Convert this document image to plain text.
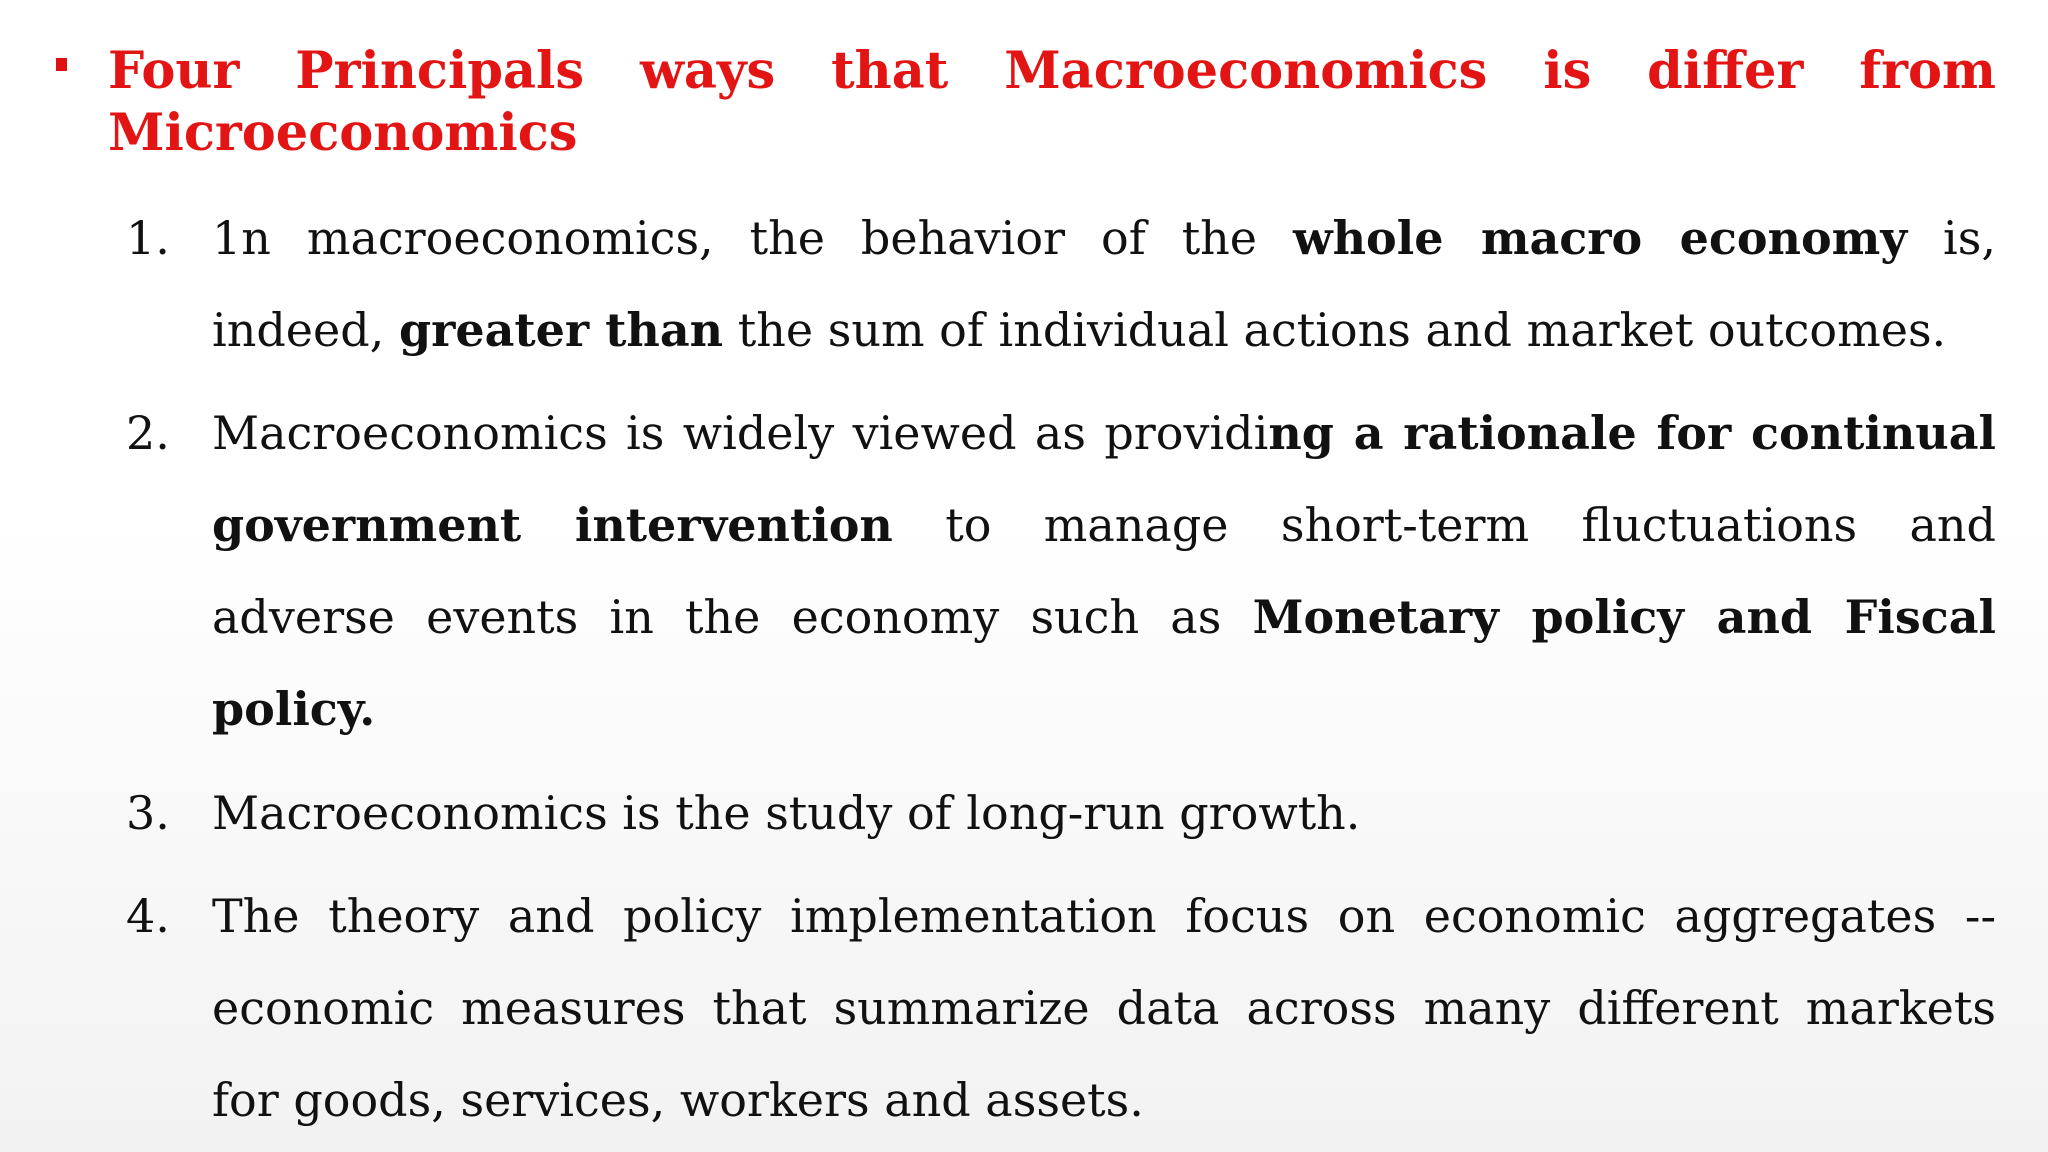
Four Principals ways that Macroeconomics is differ from
Microeconomics
1. 1n macroeconomics, the behavior of the whole macro economy is,
indeed, greater than the sum of individual actions and market outcomes.
2. Macroeconomics is widely viewed as providing a rationale for continual
government intervention to manage short-term fluctuations and
adverse events in the economy such as Monetary policy and Fiscal
policy.
3. Macroeconomics is the study of long-run growth.
4. The theory and policy implementation focus on economic aggregates --
economic measures that summarize data across many different markets
for goods, services, workers and assets.
